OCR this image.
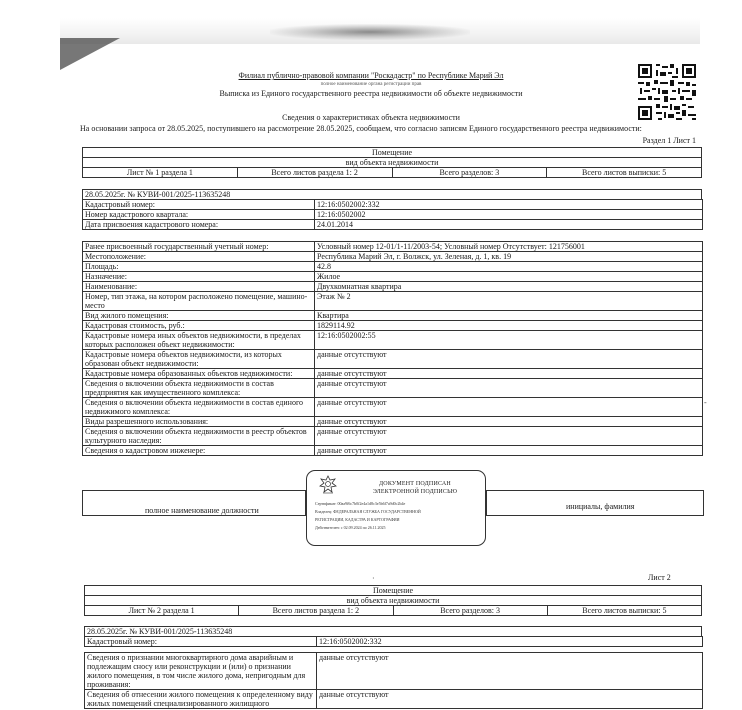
Филиал публично-правовой компании "Роскадастр" по Республике Марий Эл
полное наименование органа регистрации прав
Выписка из Единого государственного реестра недвижимости об объекте недвижимости
Сведения о характеристиках объекта недвижимости
На основании запроса от 28.05.2025, поступившего на рассмотрение 28.05.2025, сообщаем, что согласно записям Единого государственного реестра недвижимости:
Раздел 1 Лист 1
Помещение
вид объекта недвижимости
Лист № 1 раздела 1	Всего листов раздела 1: 2	Всего разделов: 3	Всего листов выписки: 5
28.05.2025г. № КУВИ-001/2025-113635248
Кадастровый номер:	12:16:0502002:332
Номер кадастрового квартала:	12:16:0502002
Дата присвоения кадастрового номера:	24.01.2014
Ранее присвоенный государственный учетный номер:	Условный номер 12-01/1-11/2003-54; Условный номер Отсутствует: 121756001
Местоположение:	Республика Марий Эл, г. Волжск, ул. Зеленая, д. 1, кв. 19
Площадь:	42.8
Назначение:	Жилое
Наименование:	Двухкомнатная квартира
Номер, тип этажа, на котором расположено помещение, машино-место	Этаж № 2
Вид жилого помещения:	Квартира
Кадастровая стоимость, руб.:	1829114.92
Кадастровые номера иных объектов недвижимости, в пределах которых расположен объект недвижимости:	12:16:0502002:55
Кадастровые номера объектов недвижимости, из которых образован объект недвижимости:	данные отсутствуют
Кадастровые номера образованных объектов недвижимости:	данные отсутствуют
Сведения о включении объекта недвижимости в состав предприятия как имущественного комплекса:	данные отсутствуют
Сведения о включении объекта недвижимости в состав единого недвижимого комплекса:	данные отсутствуют
Виды разрешенного использования:	данные отсутствуют
Сведения о включении объекта недвижимости в реестр объектов культурного наследия:	данные отсутствуют
Сведения о кадастровом инженере:	данные отсутствуют
-
полное наименование должности	инициалы, фамилия
ДОКУМЕНТ ПОДПИСАН
ЭЛЕКТРОННОЙ ПОДПИСЬЮ
Сертификат: 00aa9f6c7b0f2e4a1d8c3e5b6f7a9d0c2b4e
Владелец: ФЕДЕРАЛЬНАЯ СЛУЖБА ГОСУДАРСТВЕННОЙ
РЕГИСТРАЦИИ, КАДАСТРА И КАРТОГРАФИИ
Действителен: с 02.09.2024 по 26.11.2025
·	Лист 2
Помещение
вид объекта недвижимости
Лист № 2 раздела 1	Всего листов раздела 1: 2	Всего разделов: 3	Всего листов выписки: 5
28.05.2025г. № КУВИ-001/2025-113635248
Кадастровый номер:	12:16:0502002:332
Сведения о признании многоквартирного дома аварийным и подлежащим сносу или реконструкции и (или) о признании жилого помещения, в том числе жилого дома, непригодным для проживания:	данные отсутствуют
Сведения об отнесении жилого помещения к определенному виду жилых помещений специализированного жилищного	данные отсутствуют
